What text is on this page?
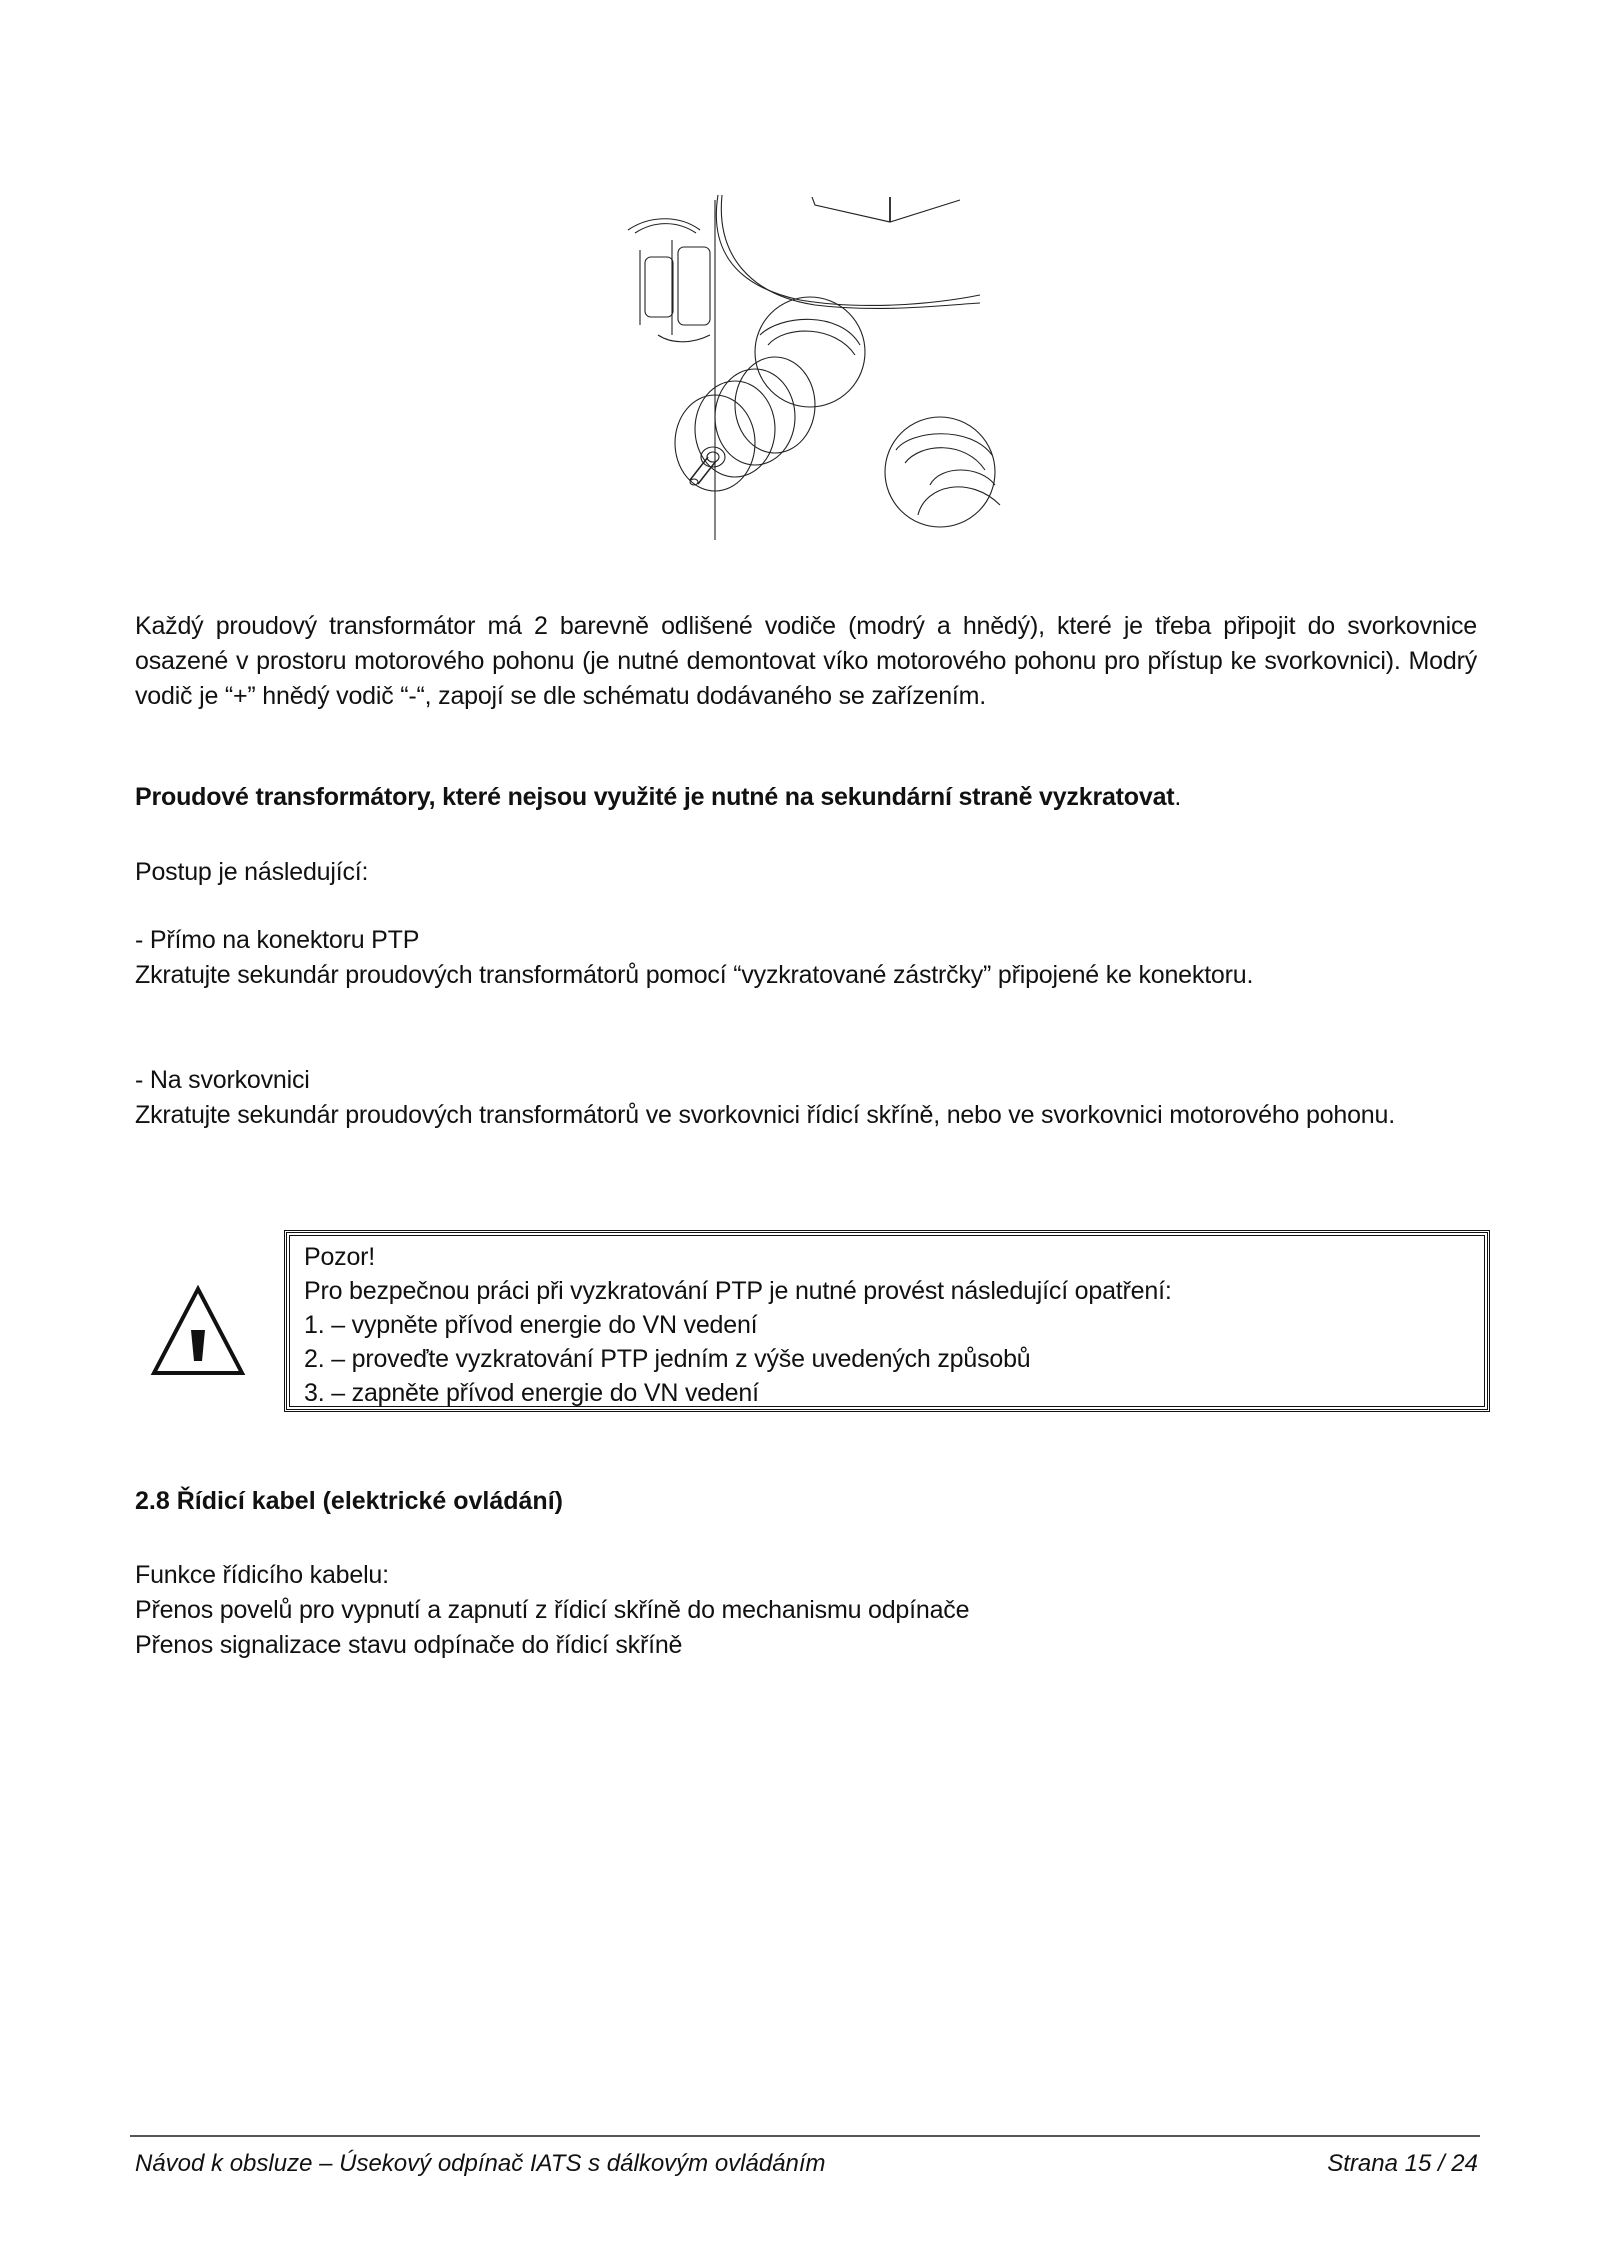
Každý proudový transformátor má 2 barevně odlišené vodiče (modrý a hnědý), které je třeba připojit do svorkovnice osazené v prostoru motorového pohonu (je nutné demontovat víko motorového pohonu pro přístup ke svorkovnici). Modrý vodič je “+” hnědý vodič “-“, zapojí se dle schématu dodávaného se zařízením.
Proudové transformátory, které nejsou využité je nutné na sekundární straně vyzkratovat.
Postup je následující:
- Přímo na konektoru PTP
Zkratujte sekundár proudových transformátorů pomocí “vyzkratované zástrčky” připojené ke konektoru.
- Na svorkovnici
Zkratujte sekundár proudových transformátorů ve svorkovnici řídicí skříně, nebo ve svorkovnici motorového pohonu.
Pozor!
Pro bezpečnou práci při vyzkratování PTP je nutné provést následující opatření:
1. – vypněte přívod energie do VN vedení
2. – proveďte vyzkratování PTP jedním z výše uvedených způsobů
3. – zapněte přívod energie do VN vedení
2.8 Řídicí kabel (elektrické ovládání)
Funkce řídicího kabelu:
Přenos povelů pro vypnutí a zapnutí z řídicí skříně do mechanismu odpínače
Přenos signalizace stavu odpínače do řídicí skříně
Návod k obsluze – Úsekový odpínač IATS s dálkovým ovládáním	Strana 15 / 24
